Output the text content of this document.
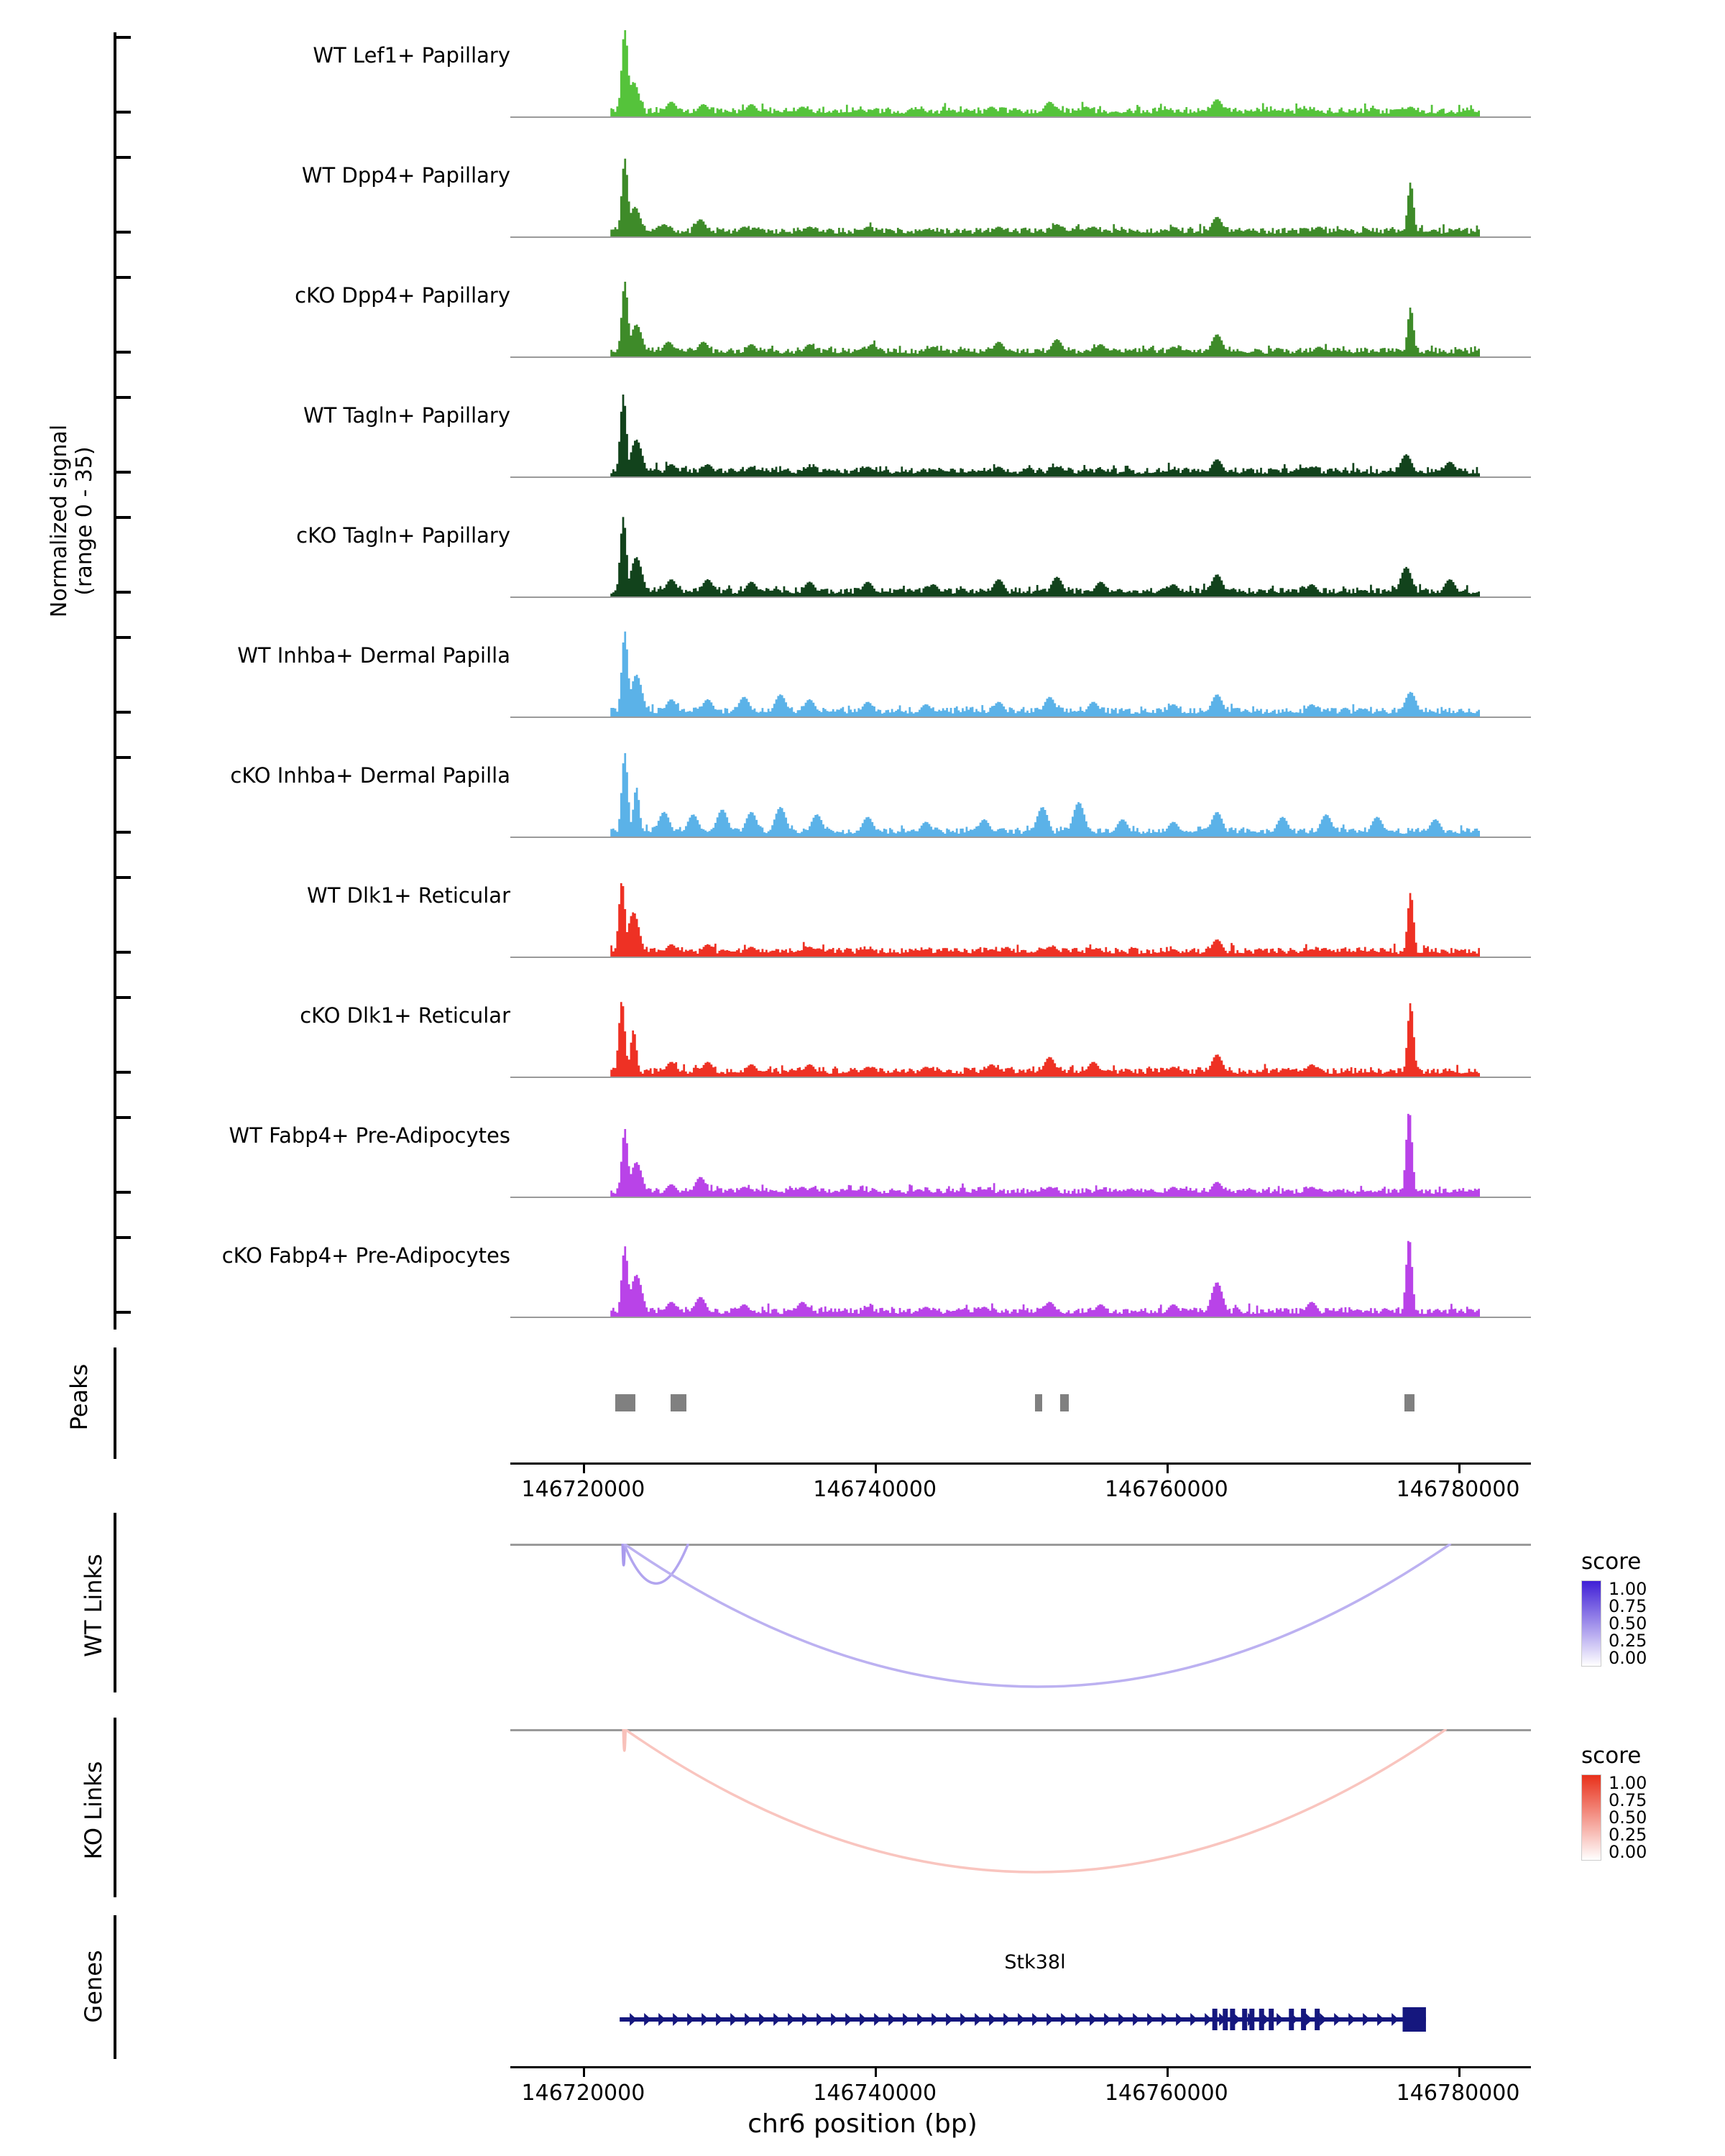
Normalized signal (range 0 - 35)
WT Lef1+ Papillary
WT Dpp4+ Papillary
cKO Dpp4+ Papillary
WT Tagln+ Papillary
cKO Tagln+ Papillary
WT Inhba+ Dermal Papilla
cKO Inhba+ Dermal Papilla
WT Dlk1+ Reticular
cKO Dlk1+ Reticular
WT Fabp4+ Pre-Adipocytes
cKO Fabp4+ Pre-Adipocytes
Peaks
146720000	146740000	146760000	146780000
WT Links	score
1.00
0.75
0.50
0.25
0.00
KO Links
score
1.00
0.75
0.50
0.25
0.00
Genes	Stk38l
146720000	146740000	146760000	146780000
chr6 position (bp)
